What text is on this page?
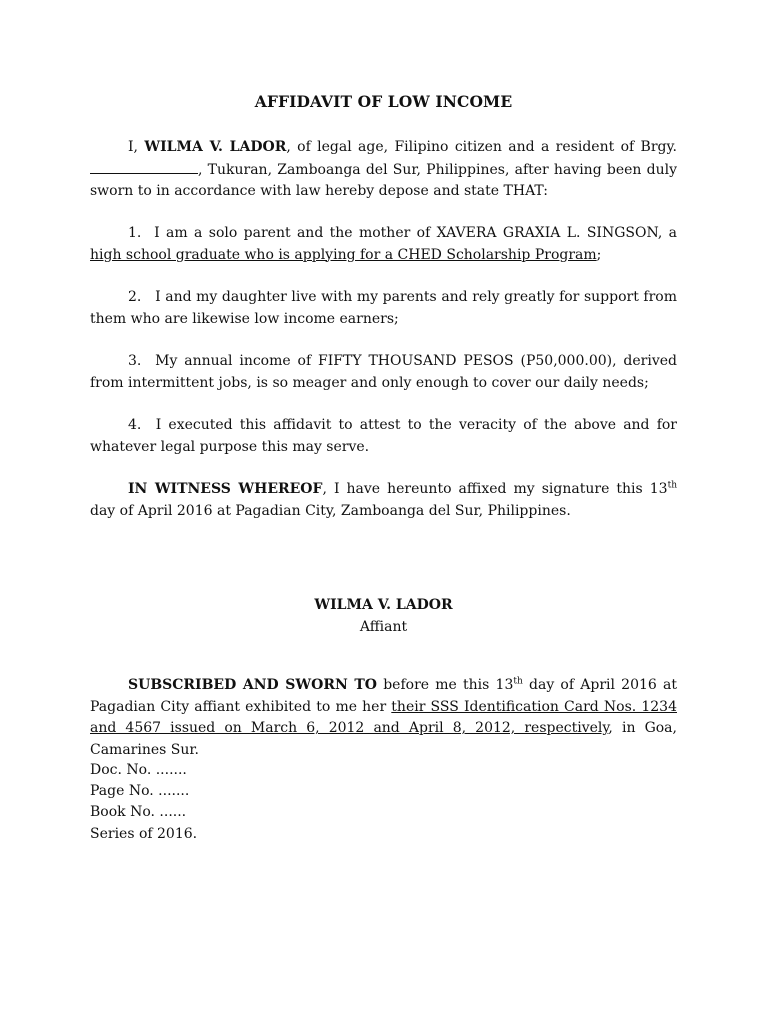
AFFIDAVIT OF LOW INCOME
I, WILMA V. LADOR, of legal age, Filipino citizen and a resident of Brgy. , Tukuran, Zamboanga del Sur, Philippines, after having been duly sworn to in accordance with law hereby depose and state THAT:
1. I am a solo parent and the mother of XAVERA GRAXIA L. SINGSON, a high school graduate who is applying for a CHED Scholarship Program;
2. I and my daughter live with my parents and rely greatly for support from them who are likewise low income earners;
3. My annual income of FIFTY THOUSAND PESOS (P50,000.00), derived from intermittent jobs, is so meager and only enough to cover our daily needs;
4. I executed this affidavit to attest to the veracity of the above and for whatever legal purpose this may serve.
IN WITNESS WHEREOF, I have hereunto affixed my signature this 13th day of April 2016 at Pagadian City, Zamboanga del Sur, Philippines.
WILMA V. LADOR
Affiant
SUBSCRIBED AND SWORN TO before me this 13th day of April 2016 at Pagadian City affiant exhibited to me her their SSS Identification Card Nos. 1234 and 4567 issued on March 6, 2012 and April 8, 2012, respectively, in Goa, Camarines Sur.
Doc. No. .......
Page No. .......
Book No. ......
Series of 2016.
